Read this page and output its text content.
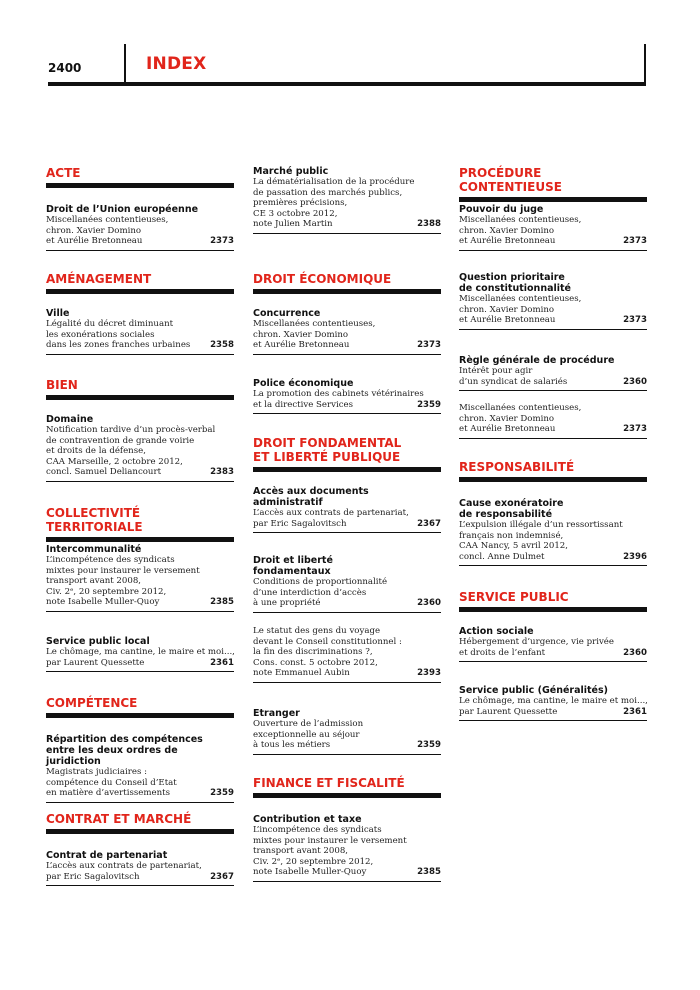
2400	INDEX
ACTE
Droit de l’Union européenne
Miscellanées contentieuses,
chron. Xavier Domino
et Aurélie Bretonneau	2373
AMÉNAGEMENT
Ville
Légalité du décret diminuant
les exonérations sociales
dans les zones franches urbaines 2358
BIEN
Domaine
Notification tardive d’un procès-verbal
de contravention de grande voirie
et droits de la défense,
CAA Marseille, 2 octobre 2012,
concl. Samuel Deliancourt	2383
COLLECTIVITÉ TERRITORIALE
Intercommunalité
L’incompétence des syndicats
mixtes pour instaurer le versement
transport avant 2008,
Civ. 2ᵉ, 20 septembre 2012,
note Isabelle Muller-Quoy	2385
Service public local
Le chômage, ma cantine, le maire et moi...,
par Laurent Quessette	2361
COMPÉTENCE
Répartition des compétences
entre les deux ordres de juridiction
Magistrats judiciaires :
compétence du Conseil d’Etat
en matière d’avertissements	2359
CONTRAT ET MARCHÉ
Contrat de partenariat
L’accès aux contrats de partenariat,
par Eric Sagalovitsch	2367
Marché public
La dématérialisation de la procédure
de passation des marchés publics,
premières précisions,
CE 3 octobre 2012,
note Julien Martin	2388
DROIT ÉCONOMIQUE
Concurrence
Miscellanées contentieuses,
chron. Xavier Domino
et Aurélie Bretonneau	2373
Police économique
La promotion des cabinets vétérinaires
et la directive Services	2359
DROIT FONDAMENTAL ET LIBERTÉ PUBLIQUE
Accès aux documents
administratif
L’accès aux contrats de partenariat,
par Eric Sagalovitsch	2367
Droit et liberté
fondamentaux
Conditions de proportionnalité
d’une interdiction d’accès
à une propriété	2360
Le statut des gens du voyage
devant le Conseil constitutionnel :
la fin des discriminations ?,
Cons. const. 5 octobre 2012,
note Emmanuel Aubin	2393
Etranger
Ouverture de l’admission
exceptionnelle au séjour
à tous les métiers	2359
FINANCE ET FISCALITÉ
Contribution et taxe
L’incompétence des syndicats
mixtes pour instaurer le versement
transport avant 2008,
Civ. 2ᵉ, 20 septembre 2012,
note Isabelle Muller-Quoy	2385
PROCÉDURE CONTENTIEUSE
Pouvoir du juge
Miscellanées contentieuses,
chron. Xavier Domino
et Aurélie Bretonneau	2373
Question prioritaire
de constitutionnalité
Miscellanées contentieuses,
chron. Xavier Domino
et Aurélie Bretonneau	2373
Règle générale de procédure
Intérêt pour agir
d’un syndicat de salariés	2360
Miscellanées contentieuses,
chron. Xavier Domino
et Aurélie Bretonneau	2373
RESPONSABILITÉ
Cause exonératoire
de responsabilité
L’expulsion illégale d’un ressortissant
français non indemnisé,
CAA Nancy, 5 avril 2012,
concl. Anne Dulmet	2396
SERVICE PUBLIC
Action sociale
Hébergement d’urgence, vie privée
et droits de l’enfant	2360
Service public (Généralités)
Le chômage, ma cantine, le maire et moi...,
par Laurent Quessette	2361
